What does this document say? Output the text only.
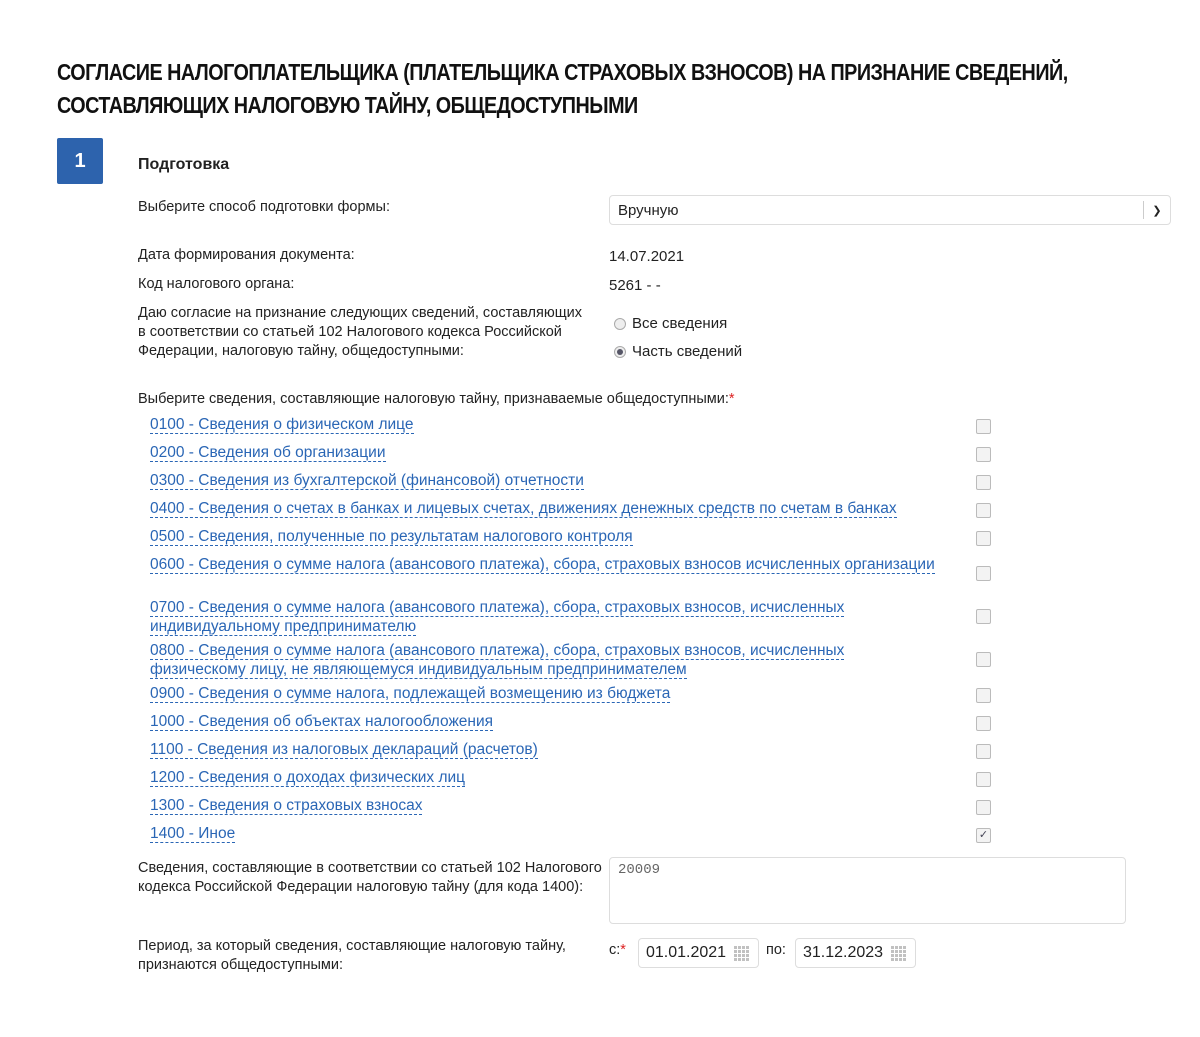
СОГЛАСИЕ НАЛОГОПЛАТЕЛЬЩИКА (ПЛАТЕЛЬЩИКА СТРАХОВЫХ ВЗНОСОВ) НА ПРИЗНАНИЕ СВЕДЕНИЙ, СОСТАВЛЯЮЩИХ НАЛОГОВУЮ ТАЙНУ, ОБЩЕДОСТУПНЫМИ
1	Подготовка
Выберите способ подготовки формы:	Вручную	❯
Дата формирования документа:	14.07.2021
Код налогового органа:	5261 - -
Даю согласие на признание следующих сведений, составляющих в соответствии со статьей 102 Налогового кодекса Российской Федерации, налоговую тайну, общедоступными:
Все сведения
Часть сведений
Выберите сведения, составляющие налоговую тайну, признаваемые общедоступными:*
0100 - Сведения о физическом лице
0200 - Сведения об организации
0300 - Сведения из бухгалтерской (финансовой) отчетности
0400 - Сведения о счетах в банках и лицевых счетах, движениях денежных средств по счетам в банках
0500 - Сведения, полученные по результатам налогового контроля
0600 - Сведения о сумме налога (авансового платежа), сбора, страховых взносов исчисленных организации
0700 - Сведения о сумме налога (авансового платежа), сбора, страховых взносов, исчисленных индивидуальному предпринимателю
0800 - Сведения о сумме налога (авансового платежа), сбора, страховых взносов, исчисленных физическому лицу, не являющемуся индивидуальным предпринимателем
0900 - Сведения о сумме налога, подлежащей возмещению из бюджета
1000 - Сведения об объектах налогообложения
1100 - Сведения из налоговых деклараций (расчетов)
1200 - Сведения о доходах физических лиц
1300 - Сведения о страховых взносах
1400 - Иное	✓
Сведения, составляющие в соответствии со статьей 102 Налогового кодекса Российской Федерации налоговую тайну (для кода 1400):
20009
Период, за который сведения, составляющие налоговую тайну, признаются общедоступными:
с:* 01.01.2021	по: 31.12.2023
